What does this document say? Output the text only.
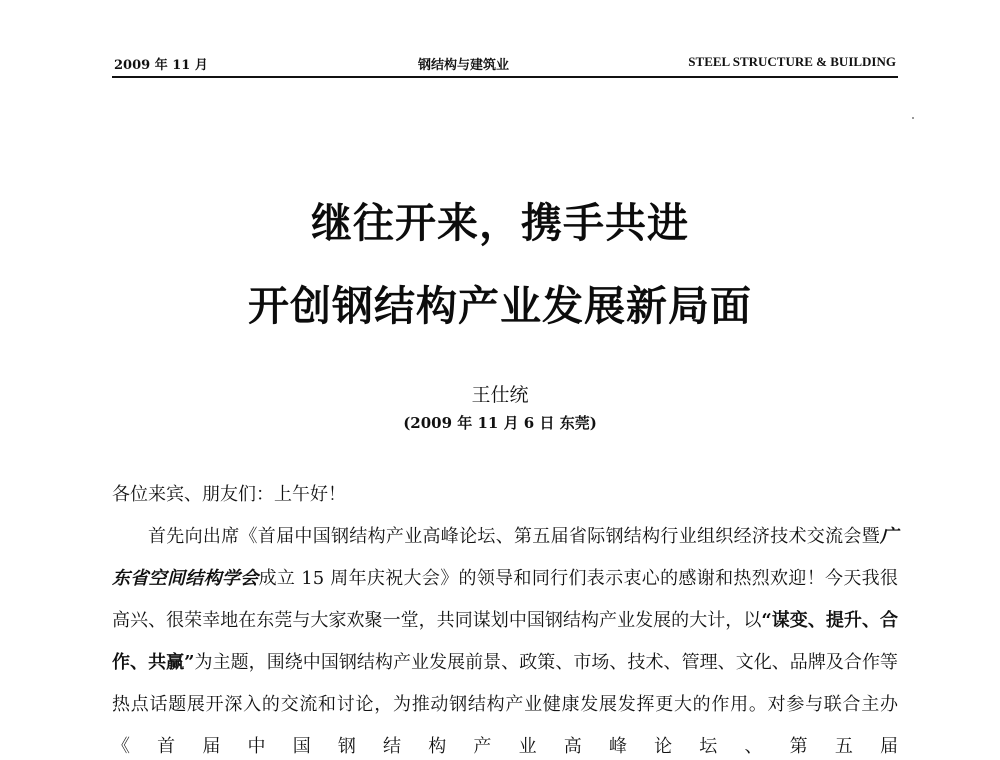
2009 年 11 月	钢结构与建筑业	STEEL STRUCTURE & BUILDING
继往开来，携手共进
开创钢结构产业发展新局面
王仕统
(2009 年 11 月 6 日 东莞)

各位来宾、朋友们：上午好！

首先向出席《首届中国钢结构产业高峰论坛、第五届省际钢结构行业组织经济技术交流会暨广东省空间结构学会成立 15 周年庆祝大会》的领导和同行们表示衷心的感谢和热烈欢迎！今天我很高兴、很荣幸地在东莞与大家欢聚一堂，共同谋划中国钢结构产业发展的大计，以“谋变、提升、合作、共赢”为主题，围绕中国钢结构产业发展前景、政策、市场、技术、管理、文化、品牌及合作等热点话题展开深入的交流和讨论，为推动钢结构产业健康发展发挥更大的作用。对参与联合主办《首届中国钢结构产业高峰论坛、第五届
